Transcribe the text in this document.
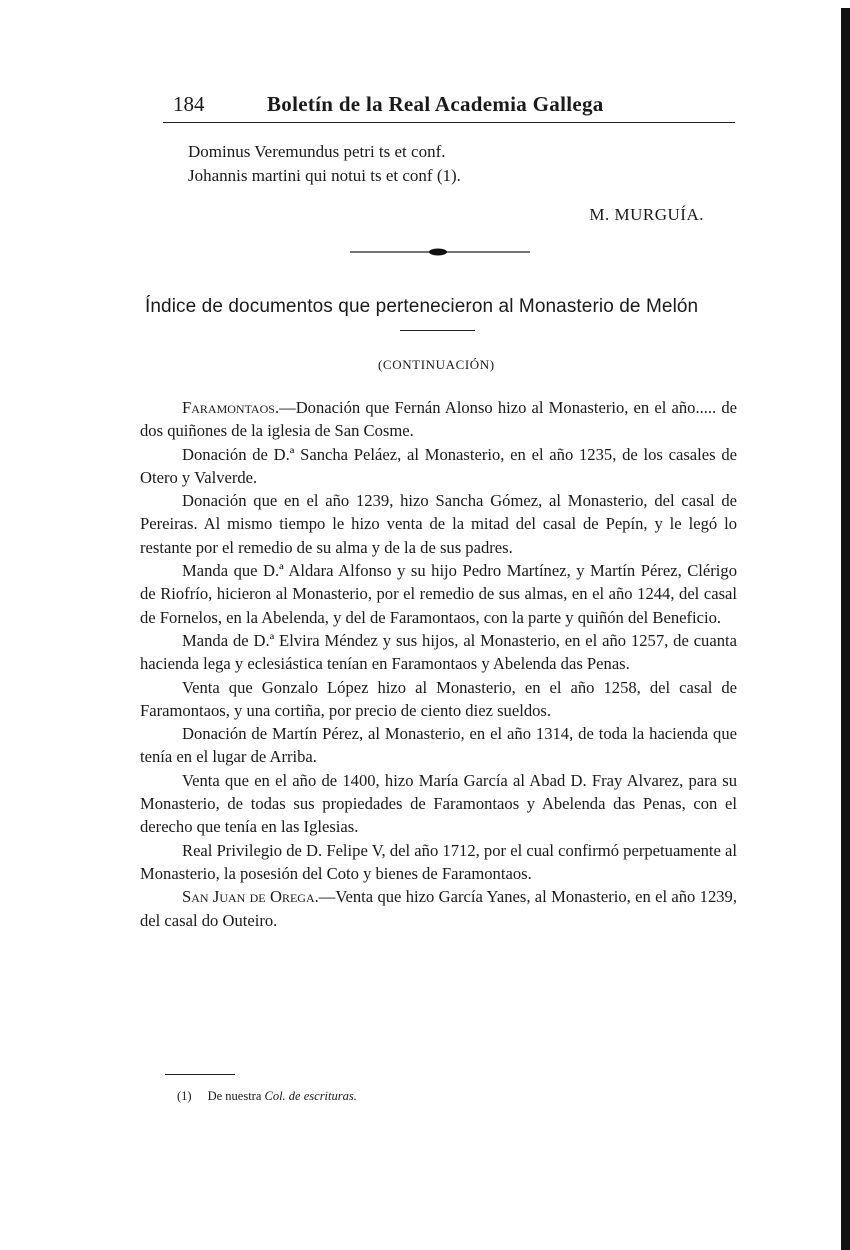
184	Boletín de la Real Academia Gallega
Dominus Veremundus petri ts et conf.
Johannis martini qui notui ts et conf (1).
M. MURGUÍA.
Índice de documentos que pertenecieron al Monasterio de Melón
(CONTINUACIÓN)

Faramontaos.—Donación que Fernán Alonso hizo al Monasterio, en el año..... de dos quiñones de la iglesia de San Cosme.

Donación de D.ª Sancha Peláez, al Monasterio, en el año 1235, de los casales de Otero y Valverde.

Donación que en el año 1239, hizo Sancha Gómez, al Monasterio, del casal de Pereiras. Al mismo tiempo le hizo venta de la mitad del casal de Pepín, y le legó lo restante por el remedio de su alma y de la de sus padres.

Manda que D.ª Aldara Alfonso y su hijo Pedro Martínez, y Martín Pérez, Clérigo de Riofrío, hicieron al Monasterio, por el remedio de sus almas, en el año 1244, del casal de Fornelos, en la Abelenda, y del de Faramontaos, con la parte y quiñón del Beneficio.

Manda de D.ª Elvira Méndez y sus hijos, al Monasterio, en el año 1257, de cuanta hacienda lega y eclesiástica tenían en Faramontaos y Abelenda das Penas.

Venta que Gonzalo López hizo al Monasterio, en el año 1258, del casal de Faramontaos, y una cortiña, por precio de ciento diez sueldos.

Donación de Martín Pérez, al Monasterio, en el año 1314, de toda la hacienda que tenía en el lugar de Arriba.

Venta que en el año de 1400, hizo María García al Abad D. Fray Alvarez, para su Monasterio, de todas sus propiedades de Faramontaos y Abelenda das Penas, con el derecho que tenía en las Iglesias.

Real Privilegio de D. Felipe V, del año 1712, por el cual confirmó perpetuamente al Monasterio, la posesión del Coto y bienes de Faramontaos.

San Juan de Orega.—Venta que hizo García Yanes, al Monasterio, en el año 1239, del casal do Outeiro.

(1) De nuestra Col. de escrituras.
